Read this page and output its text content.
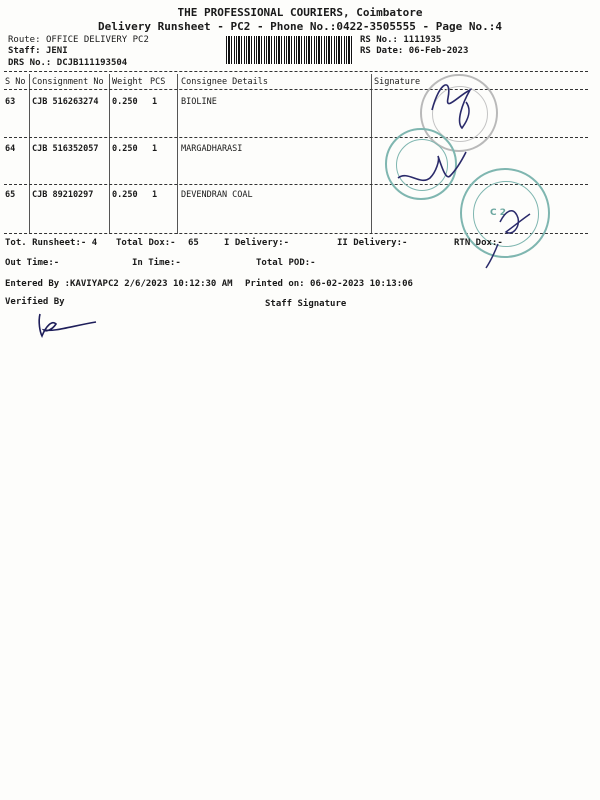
THE PROFESSIONAL COURIERS, Coimbatore
Delivery Runsheet - PC2 - Phone No.:0422-3505555 - Page No.:4
Route: OFFICE DELIVERY PC2
Staff: JENI
DRS No.: DCJB111193504
RS No.: 1111935
RS Date: 06-Feb-2023
S No Consignment No Weight PCS Consignee Details	Signature
63 CJB 516263274 0.250 1	BIOLINE
64 CJB 516352057 0.250 1	MARGADHARASI
65 CJB 89210297 0.250 1	DEVENDRAN COAL
C 2
Tot. Runsheet:- 4 Total Dox:- 65	I Delivery:-	II Delivery:-	RTN Dox:-
Out Time:-	In Time:-	Total POD:-
Entered By :KAVIYAPC2 2/6/2023 10:12:30 AM Printed on: 06-02-2023 10:13:06
Verified By	Staff Signature
